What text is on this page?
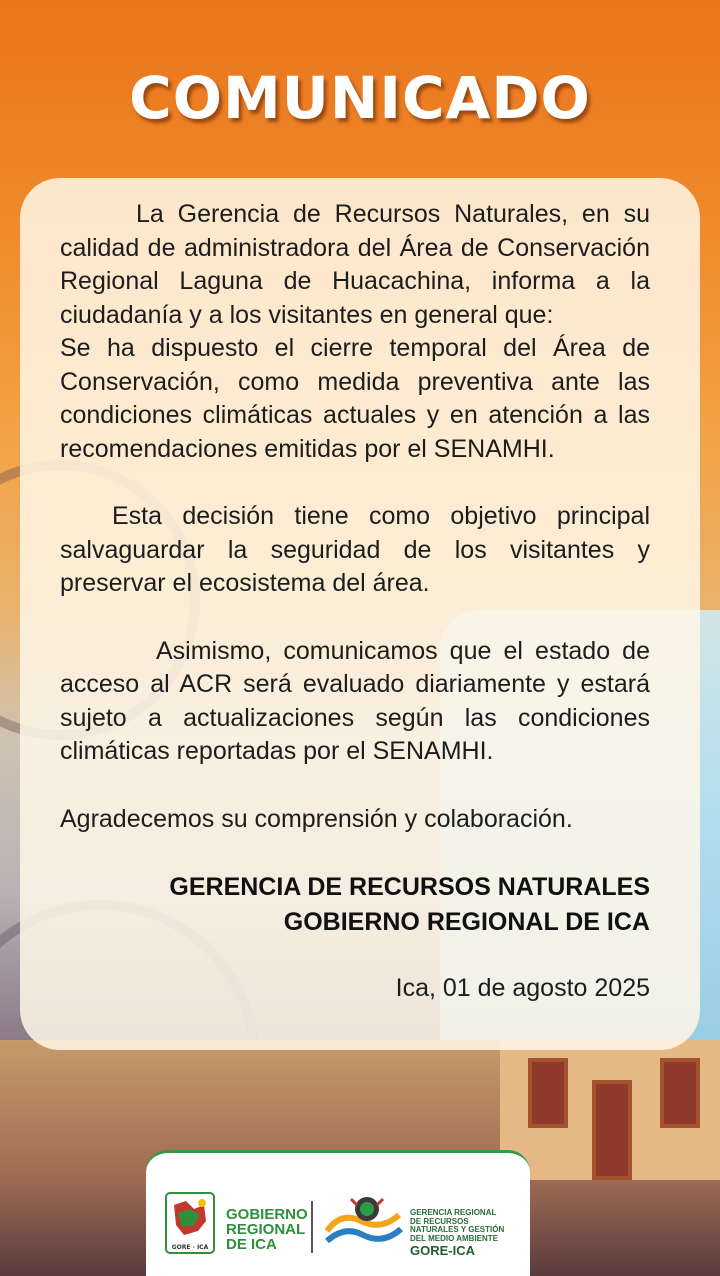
COMUNICADO

La Gerencia de Recursos Naturales, en su calidad de administradora del Área de Conservación Regional Laguna de Huacachina, informa a la ciudadanía y a los visitantes en general que:

Se ha dispuesto el cierre temporal del Área de Conservación, como medida preventiva ante las condiciones climáticas actuales y en atención a las recomendaciones emitidas por el SENAMHI.

Esta decisión tiene como objetivo principal salvaguardar la seguridad de los visitantes y preservar el ecosistema del área.

Asimismo, comunicamos que el estado de acceso al ACR será evaluado diariamente y estará sujeto a actualizaciones según las condiciones climáticas reportadas por el SENAMHI.

Agradecemos su comprensión y colaboración.

GERENCIA DE RECURSOS NATURALES
GOBIERNO REGIONAL DE ICA
Ica, 01 de agosto 2025
GORE · ICA
GOBIERNO
REGIONAL
DE ICA
GERENCIA REGIONAL
DE RECURSOS
NATURALES Y GESTIÓN
DEL MEDIO AMBIENTE
GORE-ICA
